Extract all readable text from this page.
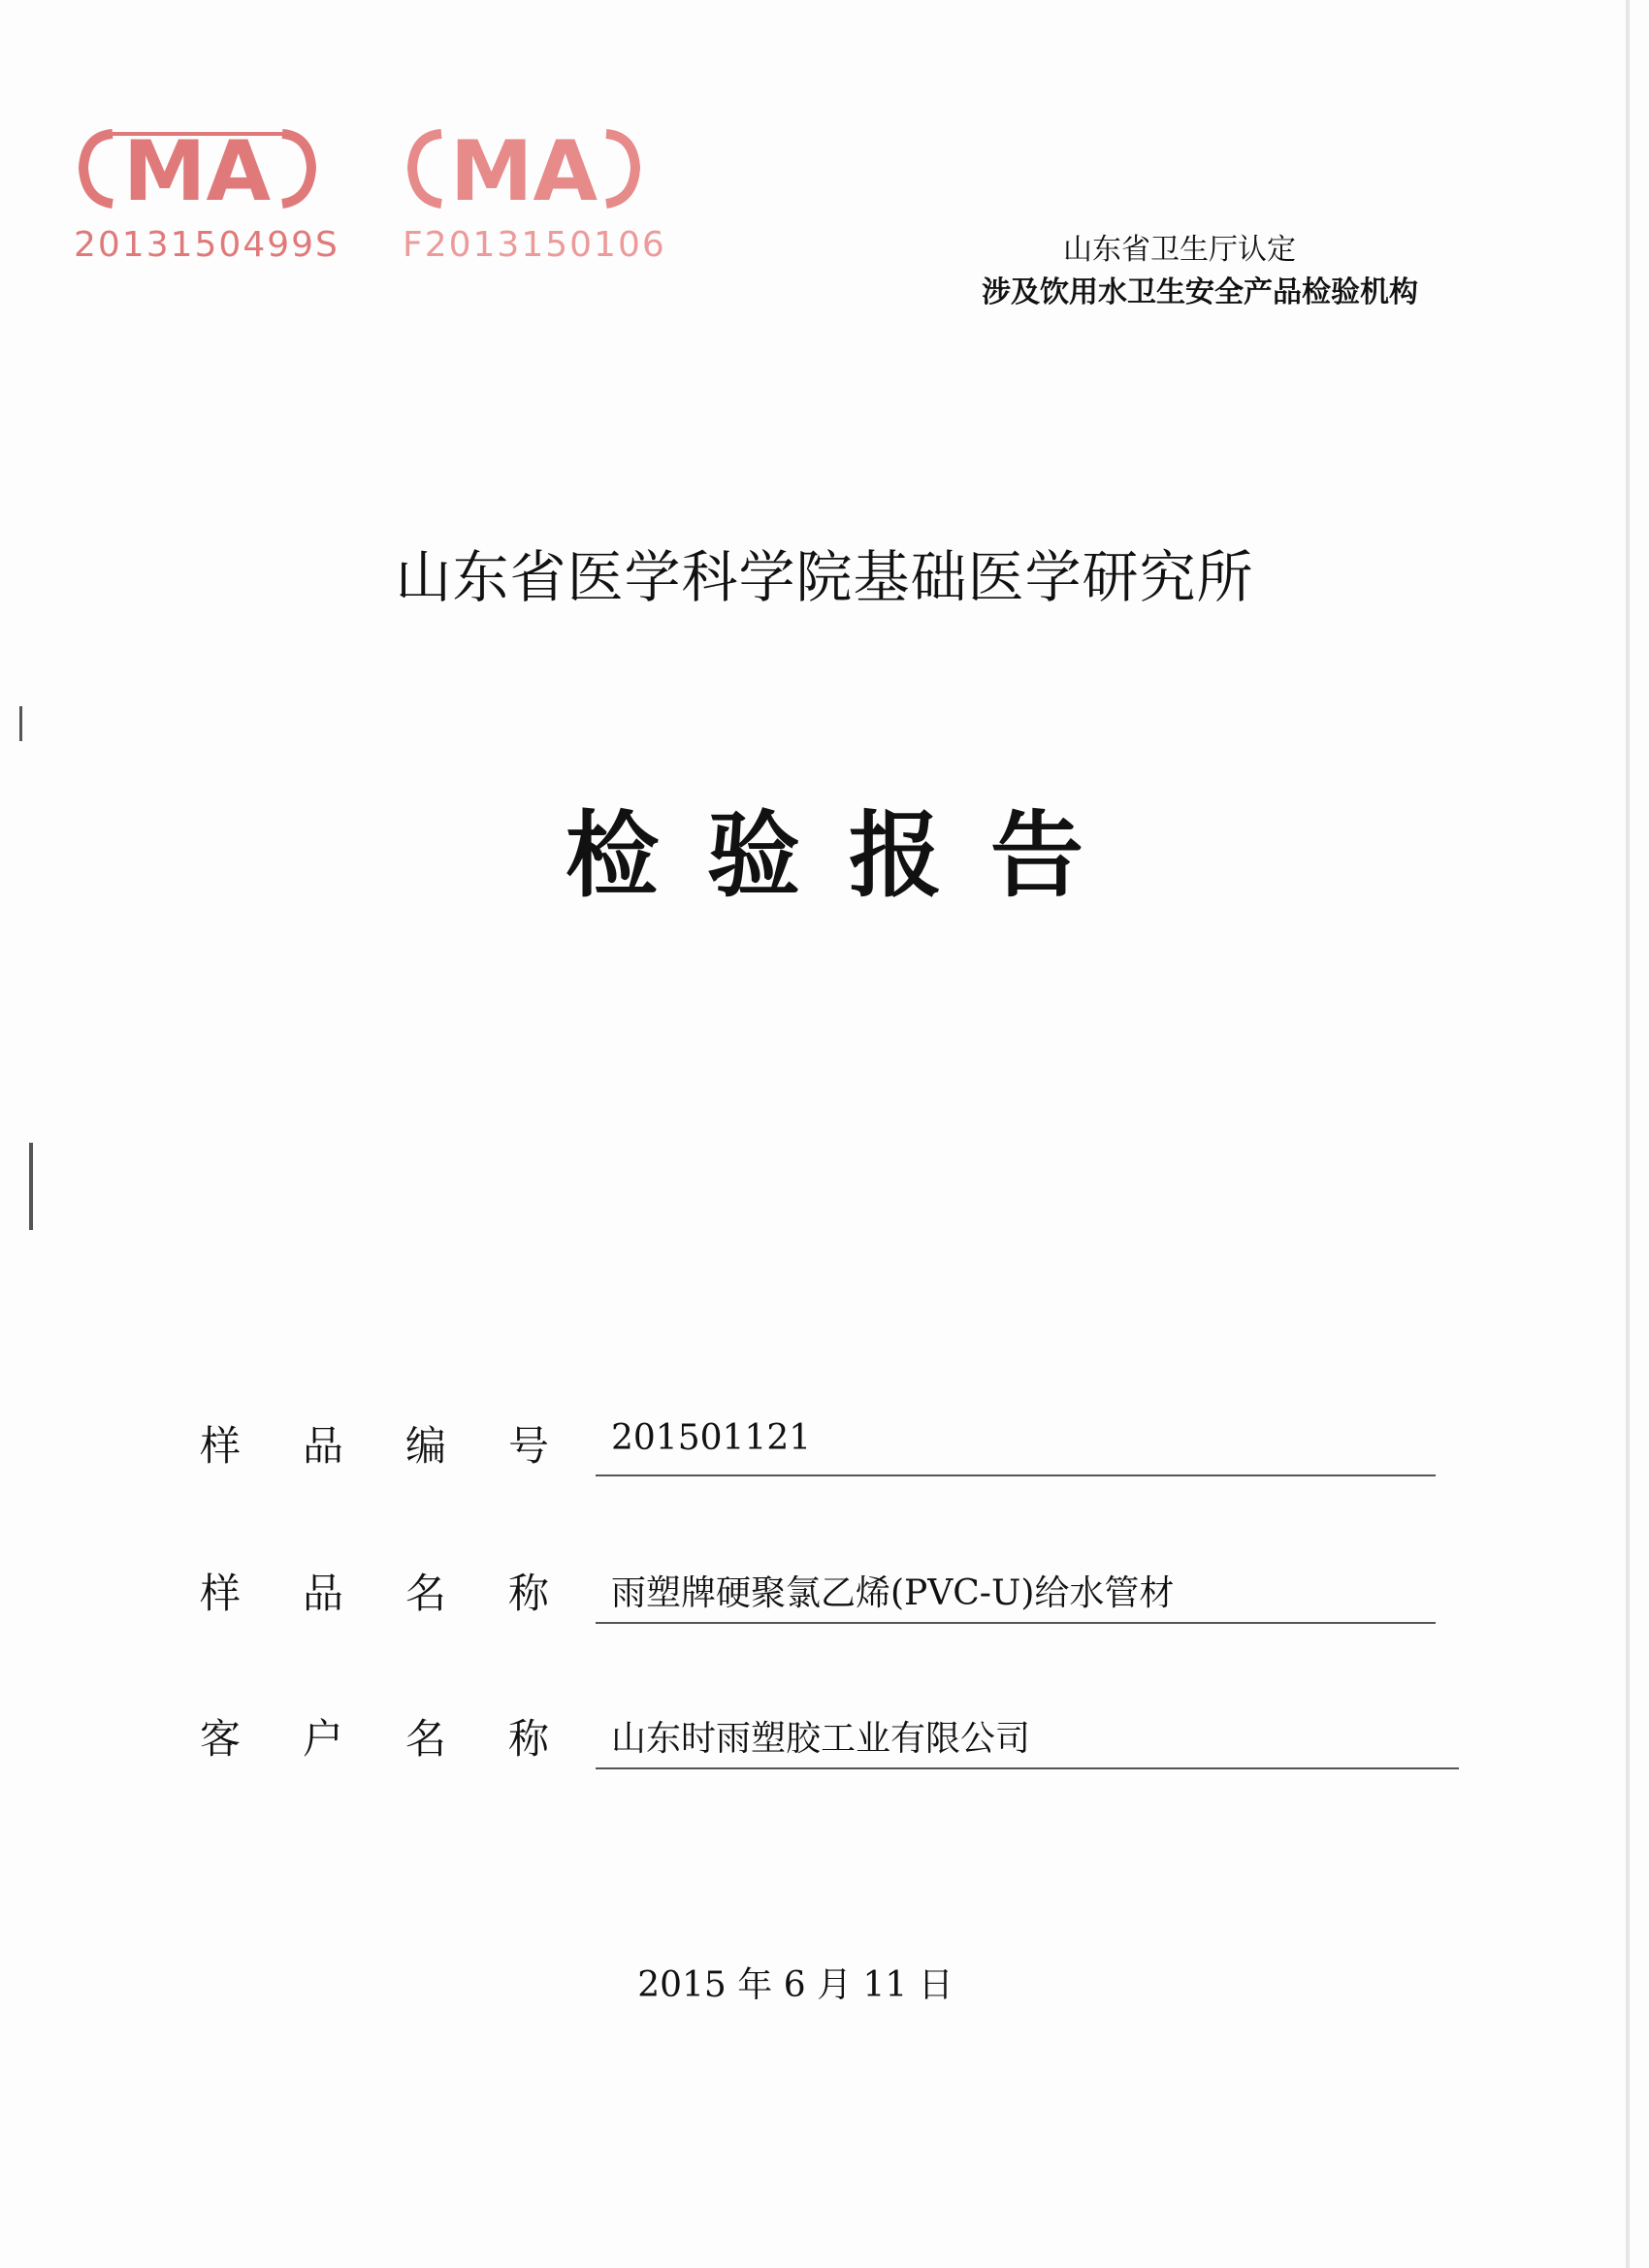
MA
2013150499S
MA
F2013150106	山东省卫生厅认定
涉及饮用水卫生安全产品检验机构
山东省医学科学院基础医学研究所
检验报告
样 品 编 号 201501121
样 品 名 称 雨塑牌硬聚氯乙烯(PVC-U)给水管材
客 户 名 称 山东时雨塑胶工业有限公司
2015 年 6 月 11 日
